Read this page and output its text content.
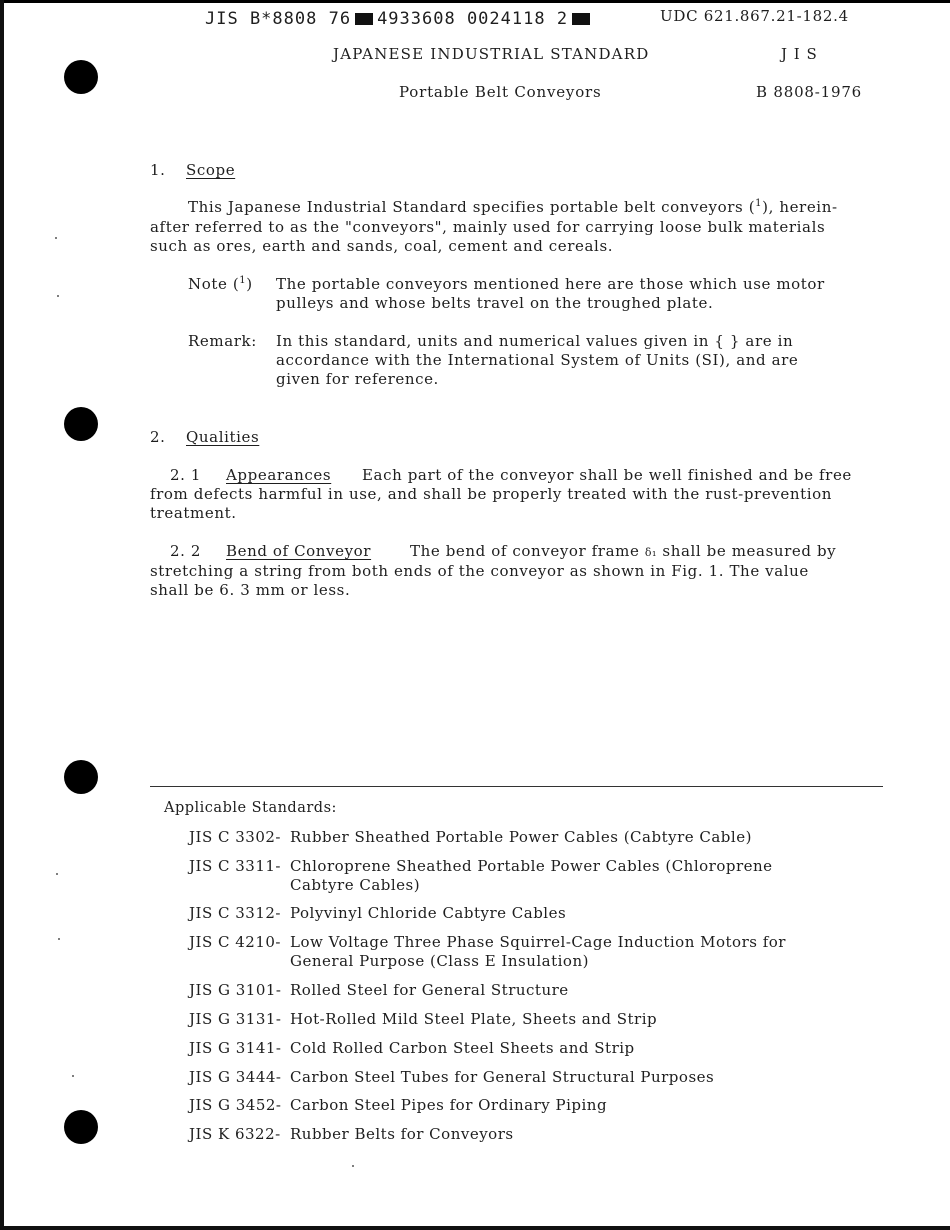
JIS B*8808 76 4933608 0024118 2	UDC 621.867.21-182.4
JAPANESE INDUSTRIAL STANDARD	J I S
Portable Belt Conveyors	B 8808-1976
1. Scope
This Japanese Industrial Standard specifies portable belt conveyors ($^1$), herein-
after referred to as the "conveyors", mainly used for carrying loose bulk materials
such as ores, earth and sands, coal, cement and cereals.
Note ($^1$) The portable conveyors mentioned here are those which use motor
pulleys and whose belts travel on the troughed plate.
Remark: In this standard, units and numerical values given in { } are in
accordance with the International System of Units (SI), and are
given for reference.
2. Qualities
2. 1 Appearances Each part of the conveyor shall be well finished and be free
from defects harmful in use, and shall be properly treated with the rust-prevention
treatment.
2. 2 Bend of Conveyor	The bend of conveyor frame δ₁ shall be measured by
stretching a string from both ends of the conveyor as shown in Fig. 1. The value
shall be 6. 3 mm or less.
Applicable Standards:
JIS C 3302- Rubber Sheathed Portable Power Cables (Cabtyre Cable)
JIS C 3311- Chloroprene Sheathed Portable Power Cables (Chloroprene Cabtyre Cables)
JIS C 3312- Polyvinyl Chloride Cabtyre Cables
JIS C 4210- Low Voltage Three Phase Squirrel-Cage Induction Motors for General Purpose (Class E Insulation)
JIS G 3101- Rolled Steel for General Structure
JIS G 3131- Hot-Rolled Mild Steel Plate, Sheets and Strip
JIS G 3141- Cold Rolled Carbon Steel Sheets and Strip
JIS G 3444- Carbon Steel Tubes for General Structural Purposes
JIS G 3452- Carbon Steel Pipes for Ordinary Piping
JIS K 6322- Rubber Belts for Conveyors
